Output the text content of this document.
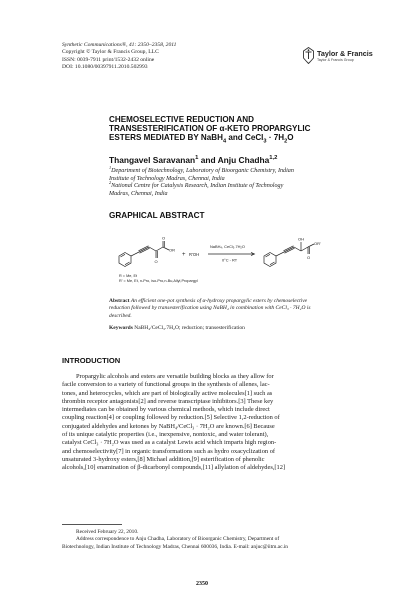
Synthetic Communications®, 41: 2350–2358, 2011
Copyright © Taylor & Francis Group, LLC
ISSN: 0039-7911 print/1532-2432 online
DOI: 10.1080/00397911.2010.502993
Taylor & Francis
Taylor & Francis Group
CHEMOSELECTIVE REDUCTION AND
TRANSESTERIFICATION OF α-KETO PROPARGYLIC
ESTERS MEDIATED BY NaBH$_4$ and CeCl$_3$ · $7H_2O$
Thangavel Saravanan$^1$ and Anju Chadha$^{1,2}$
$^1$Department of Biotechnology, Laboratory of Bioorganic Chemistry, Indian
Institute of Technology Madras, Chennai, India
$^2$National Centre for Catalysis Research, Indian Institute of Technology
Madras, Chennai, India
GRAPHICAL ABSTRACT
O
O
OR
+ R'OH
NaBH₄, CeCl₃.7H₂O
0°C - RT
OH
O
OR'
R = Me, Et
R' = Me, Et, n-Pro, iso-Pro,n-Bu,Allyl,Propargyl
Abstract An efficient one-pot synthesis of α-hydroxy propargylic esters by chemoselective
reduction followed by transesterification using NaBH₄ in combination with CeCl₃ · 7H₂O is
described.
Keywords NaBH₄/CeCl₃.7H₂O; reduction; transesterification
INTRODUCTION
Propargylic alcohols and esters are versatile building blocks as they allow for
facile conversion to a variety of functional groups in the synthesis of allenes, lac-
tones, and heterocycles, which are part of biologically active molecules[1] such as
thrombin receptor antagonists[2] and reverse transcriptase inhibitors.[3] These key
intermediates can be obtained by various chemical methods, which include direct
coupling reaction[4] or coupling followed by reduction.[5] Selective 1,2-reduction of
conjugated aldehydes and ketones by NaBH₄/CeCl₃ · 7H₂O are known.[6] Because
of its unique catalytic properties (i.e., inexpensive, nontoxic, and water tolerant),
catalyst CeCl₃ · 7H₂O was used as a catalyst Lewis acid which imparts high region-
and chemoselectivity[7] in organic transformations such as hydro oxacyclization of
unsaturated 3-hydroxy esters,[8] Michael addition,[9] esterification of phenolic
alcohols,[10] enamination of β-dicarbonyl compounds,[11] allylation of aldehydes,[12]
Received February 22, 2010.
Address correspondence to Anju Chadha, Laboratory of Bioorganic Chemistry, Department of
Biotechnology, Indian Institute of Technology Madras, Chennai 600036, India. E-mail: anjuc@iitm.ac.in
2350
